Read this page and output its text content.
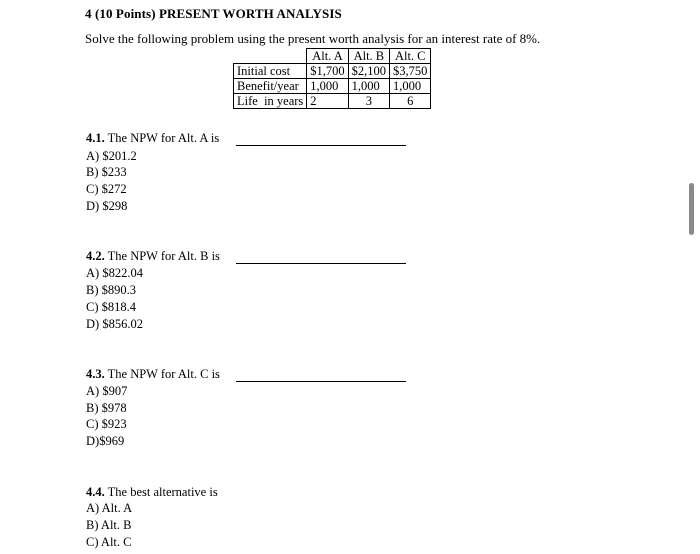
4 (10 Points) PRESENT WORTH ANALYSIS
Solve the following problem using the present worth analysis for an interest rate of 8%.
	Alt. A	Alt. B	Alt. C
Initial cost	$1,700	$2,100	$3,750
Benefit/year	1,000	1,000	1,000
Life  in years	2	3	6
4.1. The NPW for Alt. A is
A) $201.2
B) $233
C) $272
D) $298
4.2. The NPW for Alt. B is
A) $822.04
B) $890.3
C) $818.4
D) $856.02
4.3. The NPW for Alt. C is
A) $907
B) $978
C) $923
D)$969
4.4. The best alternative is
A) Alt. A
B) Alt. B
C) Alt. C
